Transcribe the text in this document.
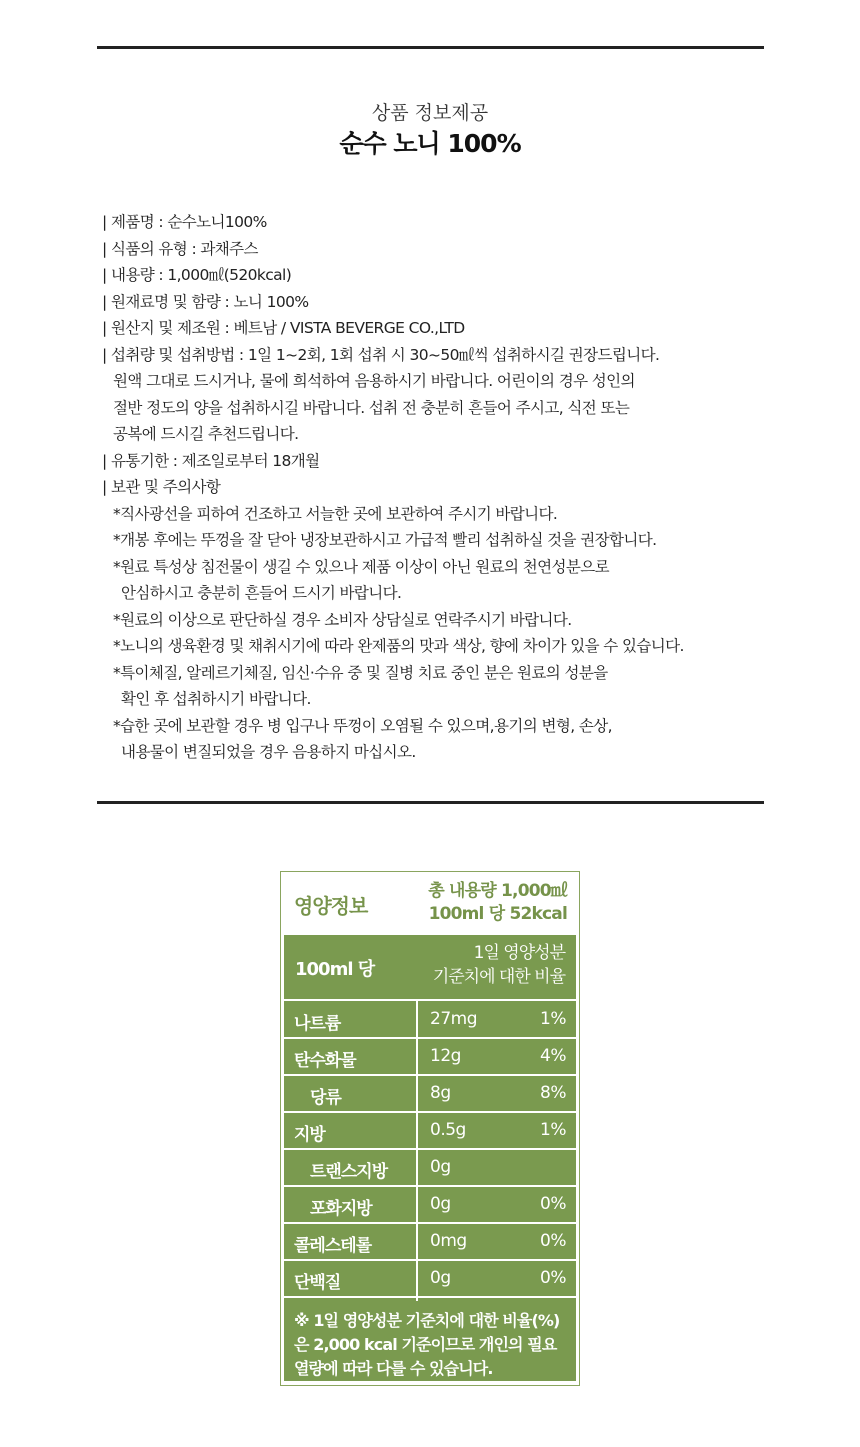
상품 정보제공
순수 노니 100%
| 제품명 : 순수노니100%
| 식품의 유형 : 과채주스
| 내용량 : 1,000㎖(520kcal)
| 원재료명 및 함량 : 노니 100%
| 원산지 및 제조원 : 베트남 / VISTA BEVERGE CO.,LTD
| 섭취량 및 섭취방법 : 1일 1~2회, 1회 섭취 시 30~50㎖씩 섭취하시길 권장드립니다.
원액 그대로 드시거나, 물에 희석하여 음용하시기 바랍니다. 어린이의 경우 성인의
절반 정도의 양을 섭취하시길 바랍니다. 섭취 전 충분히 흔들어 주시고, 식전 또는
공복에 드시길 추천드립니다.
| 유통기한 : 제조일로부터 18개월
| 보관 및 주의사항
*직사광선을 피하여 건조하고 서늘한 곳에 보관하여 주시기 바랍니다.
*개봉 후에는 뚜껑을 잘 닫아 냉장보관하시고 가급적 빨리 섭취하실 것을 권장합니다.
*원료 특성상 침전물이 생길 수 있으나 제품 이상이 아닌 원료의 천연성분으로
안심하시고 충분히 흔들어 드시기 바랍니다.
*원료의 이상으로 판단하실 경우 소비자 상담실로 연락주시기 바랍니다.
*노니의 생육환경 및 채취시기에 따라 완제품의 맛과 색상, 향에 차이가 있을 수 있습니다.
*특이체질, 알레르기체질, 임신·수유 중 및 질병 치료 중인 분은 원료의 성분을
확인 후 섭취하시기 바랍니다.
*습한 곳에 보관할 경우 병 입구나 뚜껑이 오염될 수 있으며,용기의 변형, 손상,
내용물이 변질되었을 경우 음용하지 마십시오.
영양정보
총 내용량 1,000㎖
100ml 당 52kcal
100ml 당
1일 영양성분
기준치에 대한 비율
나트륨	27mg	1%
탄수화물	12g	4%
당류	8g	8%
지방	0.5g	1%
트랜스지방	0g
포화지방	0g	0%
콜레스테롤	0mg	0%
단백질	0g	0%
※ 1일 영양성분 기준치에 대한 비율(%)
은 2,000 kcal 기준이므로 개인의 필요
열량에 따라 다를 수 있습니다.
